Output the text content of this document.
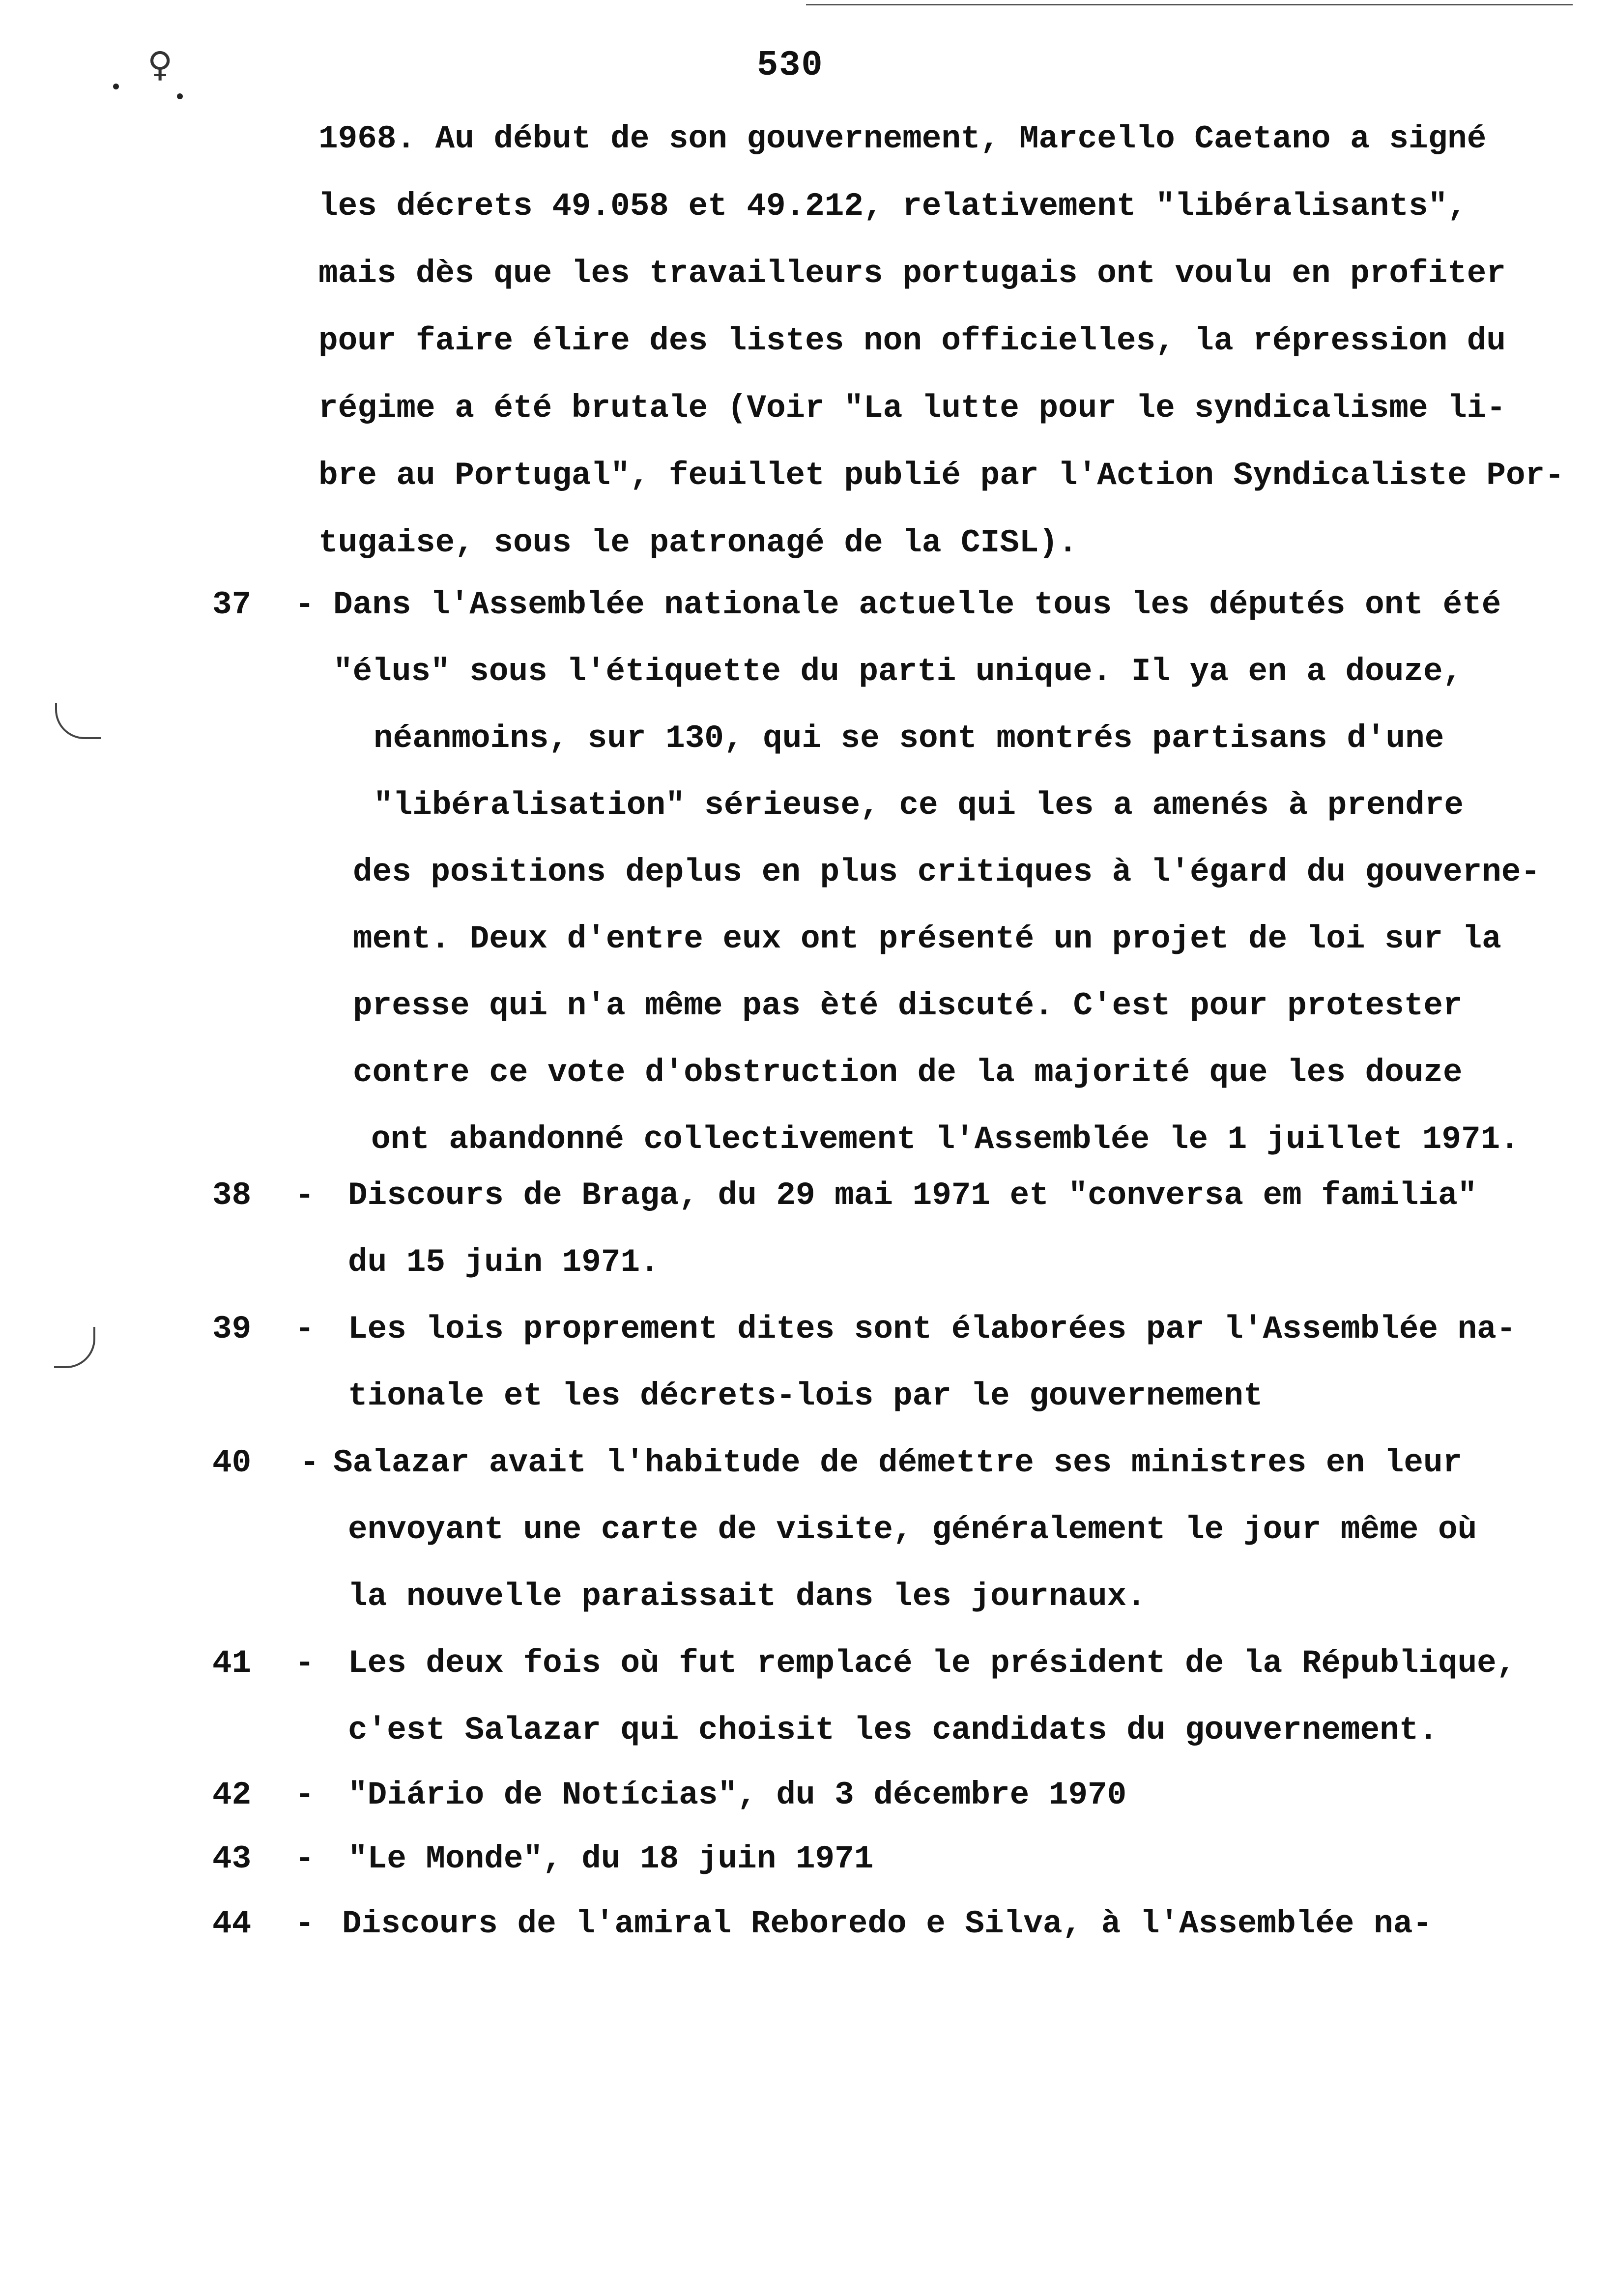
♀	530
1968. Au début de son gouvernement, Marcello Caetano a signé
les décrets 49.058 et 49.212, relativement "libéralisants",
mais dès que les travailleurs portugais ont voulu en profiter
pour faire élire des listes non officielles, la répression du
régime a été brutale (Voir "La lutte pour le syndicalisme li-
bre au Portugal", feuillet publié par l'Action Syndicaliste Por-
tugaise, sous le patronagé de la CISL).
37 - Dans l'Assemblée nationale actuelle tous les députés ont été
"élus" sous l'étiquette du parti unique. Il ya en a douze,
néanmoins, sur 130, qui se sont montrés partisans d'une
"libéralisation" sérieuse, ce qui les a amenés à prendre
des positions deplus en plus critiques à l'égard du gouverne-
ment. Deux d'entre eux ont présenté un projet de loi sur la
presse qui n'a même pas èté discuté. C'est pour protester
contre ce vote d'obstruction de la majorité que les douze
ont abandonné collectivement l'Assemblée le 1 juillet 1971.
38 - Discours de Braga, du 29 mai 1971 et "conversa em familia"
du 15 juin 1971.
39 - Les lois proprement dites sont élaborées par l'Assemblée na-
tionale et les décrets-lois par le gouvernement
40 - Salazar avait l'habitude de démettre ses ministres en leur
envoyant une carte de visite, généralement le jour même où
la nouvelle paraissait dans les journaux.
41 - Les deux fois où fut remplacé le président de la République,
c'est Salazar qui choisit les candidats du gouvernement.
42 - "Diário de Notícias", du 3 décembre 1970
43 - "Le Monde", du 18 juin 1971
44 - Discours de l'amiral Reboredo e Silva, à l'Assemblée na-
